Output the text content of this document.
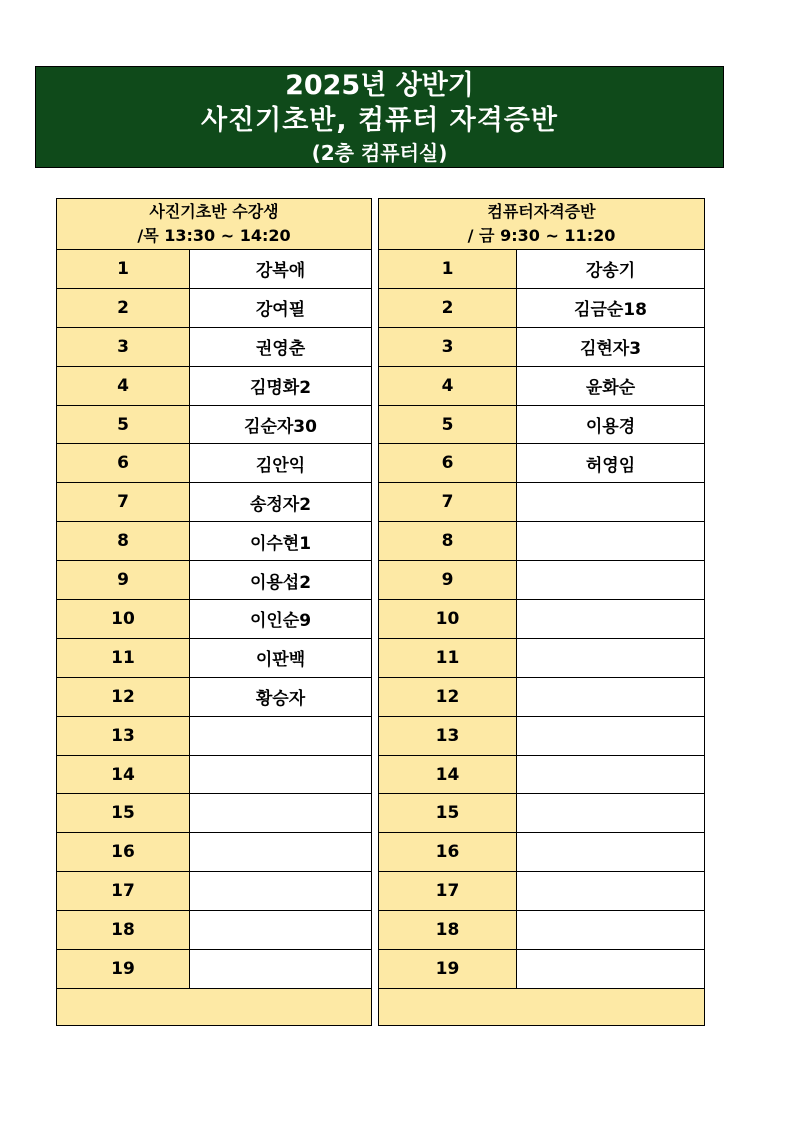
2025년 상반기
사진기초반, 컴퓨터 자격증반
(2층 컴퓨터실)
사진기초반 수강생
/목 13:30 ~ 14:20
1	강복애
2	강여필
3	권영춘
4	김명화2
5	김순자30
6	김안익
7	송정자2
8	이수현1
9	이용섭2
10	이인순9
11	이판백
12	황승자
13
14
15
16
17
18
19
컴퓨터자격증반
/ 금 9:30 ~ 11:20
1	강송기
2	김금순18
3	김현자3
4	윤화순
5	이용경
6	허영임
7
8
9
10
11
12
13
14
15
16
17
18
19
